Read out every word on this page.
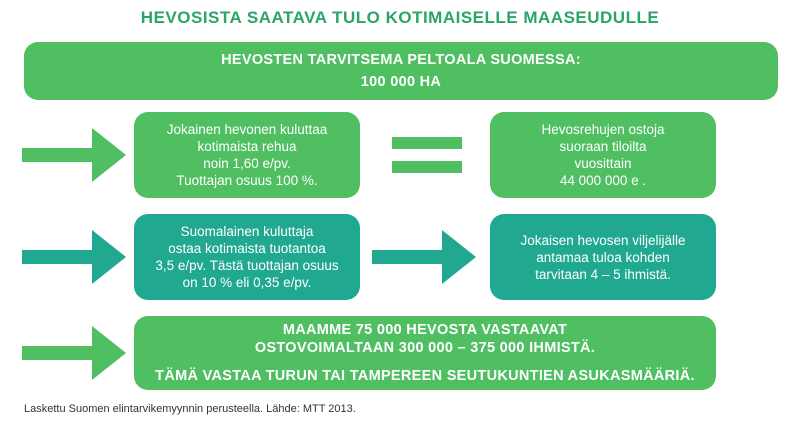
HEVOSISTA SAATAVA TULO KOTIMAISELLE MAASEUDULLE
HEVOSTEN TARVITSEMA PELTOALA SUOMESSA:
100 000 HA
Jokainen hevonen kuluttaa
kotimaista rehua
noin 1,60 e/pv.
Tuottajan osuus 100 %.
Hevosrehujen ostoja
suoraan tiloilta
vuosittain
44 000 000 e .
Suomalainen kuluttaja
ostaa kotimaista tuotantoa
3,5 e/pv. Tästä tuottajan osuus
on 10 % eli 0,35 e/pv.
Jokaisen hevosen viljelijälle
antamaa tuloa kohden
tarvitaan 4 – 5 ihmistä.
MAAMME 75 000 HEVOSTA VASTAAVAT
OSTOVOIMALTAAN 300 000 – 375 000 IHMISTÄ.
TÄMÄ VASTAA TURUN TAI TAMPEREEN SEUTUKUNTIEN ASUKASMÄÄRIÄ.
Laskettu Suomen elintarvikemyynnin perusteella. Lähde: MTT 2013.
